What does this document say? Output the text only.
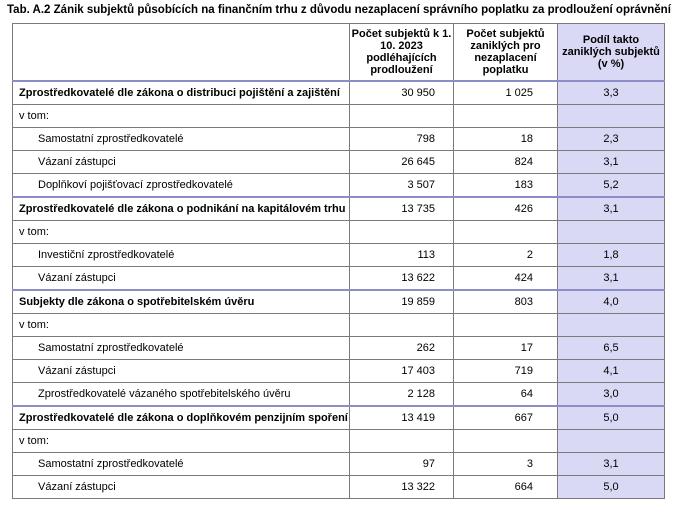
Tab. A.2 Zánik subjektů působících na finančním trhu z důvodu nezaplacení správního poplatku za prodloužení oprávnění
	Počet subjektů k 1. 10. 2023 podléhajících prodloužení	Počet subjektů zaniklých pro nezaplacení poplatku	Podíl takto zaniklých subjektů (v %)
Zprostředkovatelé dle zákona o distribuci pojištění a zajištění	30 950	1 025	3,3
v tom:			
Samostatní zprostředkovatelé	798	18	2,3
Vázaní zástupci	26 645	824	3,1
Doplňkoví pojišťovací zprostředkovatelé	3 507	183	5,2
Zprostředkovatelé dle zákona o podnikání na kapitálovém trhu	13 735	426	3,1
v tom:			
Investiční zprostředkovatelé	113	2	1,8
Vázaní zástupci	13 622	424	3,1
Subjekty dle zákona o spotřebitelském úvěru	19 859	803	4,0
v tom:			
Samostatní zprostředkovatelé	262	17	6,5
Vázaní zástupci	17 403	719	4,1
Zprostředkovatelé vázaného spotřebitelského úvěru	2 128	64	3,0
Zprostředkovatelé dle zákona o doplňkovém penzijním spoření	13 419	667	5,0
v tom:			
Samostatní zprostředkovatelé	97	3	3,1
Vázaní zástupci	13 322	664	5,0
